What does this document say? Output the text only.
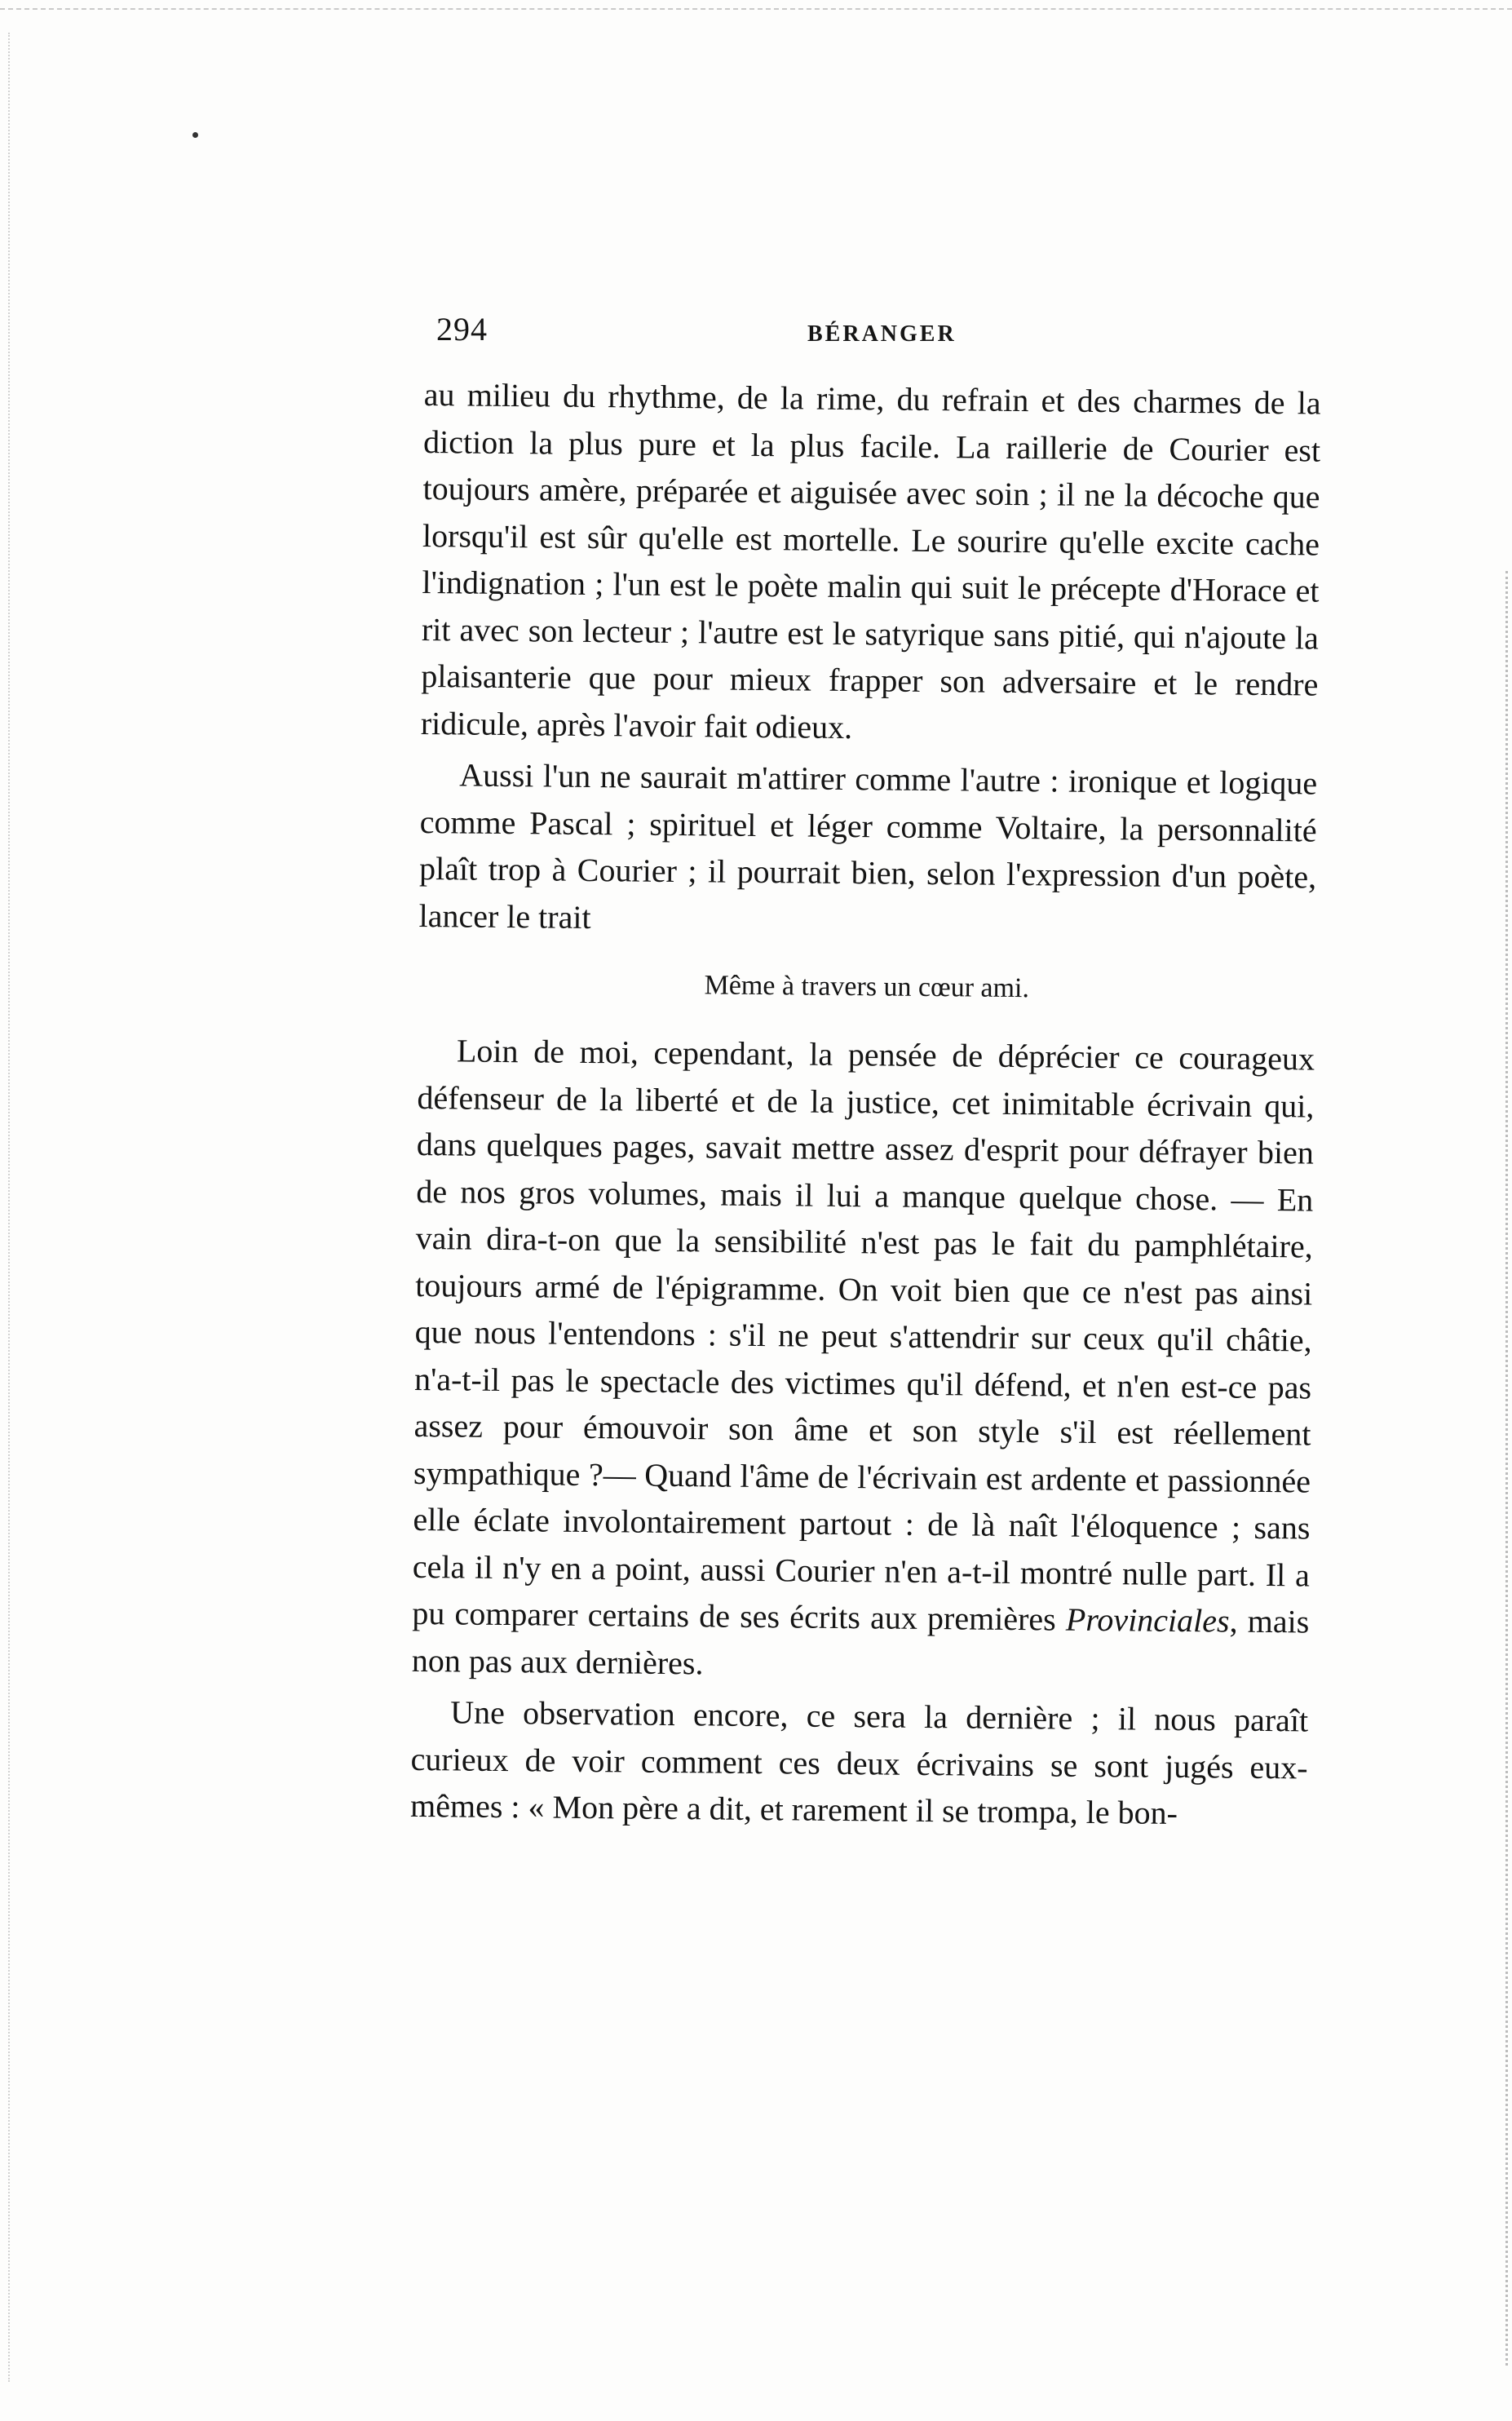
294	BÉRANGER

au milieu du rhythme, de la rime, du refrain et des charmes de la diction la plus pure et la plus facile. La raillerie de Courier est toujours amère, préparée et aiguisée avec soin ; il ne la décoche que lorsqu'il est sûr qu'elle est mortelle. Le sourire qu'elle excite cache l'indignation ; l'un est le poète malin qui suit le précepte d'Horace et rit avec son lecteur ; l'autre est le satyrique sans pitié, qui n'ajoute la plaisanterie que pour mieux frapper son adversaire et le rendre ridicule, après l'avoir fait odieux.

Aussi l'un ne saurait m'attirer comme l'autre : ironique et logique comme Pascal ; spirituel et léger comme Voltaire, la personnalité plaît trop à Courier ; il pourrait bien, selon l'expression d'un poète, lancer le trait

Même à travers un cœur ami.

Loin de moi, cependant, la pensée de déprécier ce courageux défenseur de la liberté et de la justice, cet inimitable écrivain qui, dans quelques pages, savait mettre assez d'esprit pour défrayer bien de nos gros volumes, mais il lui a manque quelque chose. — En vain dira-t-on que la sensibilité n'est pas le fait du pamphlétaire, toujours armé de l'épigramme. On voit bien que ce n'est pas ainsi que nous l'entendons : s'il ne peut s'attendrir sur ceux qu'il châtie, n'a-t-il pas le spectacle des victimes qu'il défend, et n'en est-ce pas assez pour émouvoir son âme et son style s'il est réellement sympathique ?— Quand l'âme de l'écrivain est ardente et passionnée elle éclate involontairement partout : de là naît l'éloquence ; sans cela il n'y en a point, aussi Courier n'en a-t-il montré nulle part. Il a pu comparer certains de ses écrits aux premières Provinciales, mais non pas aux dernières.

Une observation encore, ce sera la dernière ; il nous paraît curieux de voir comment ces deux écrivains se sont jugés eux-mêmes : « Mon père a dit, et rarement il se trompa, le bon-
